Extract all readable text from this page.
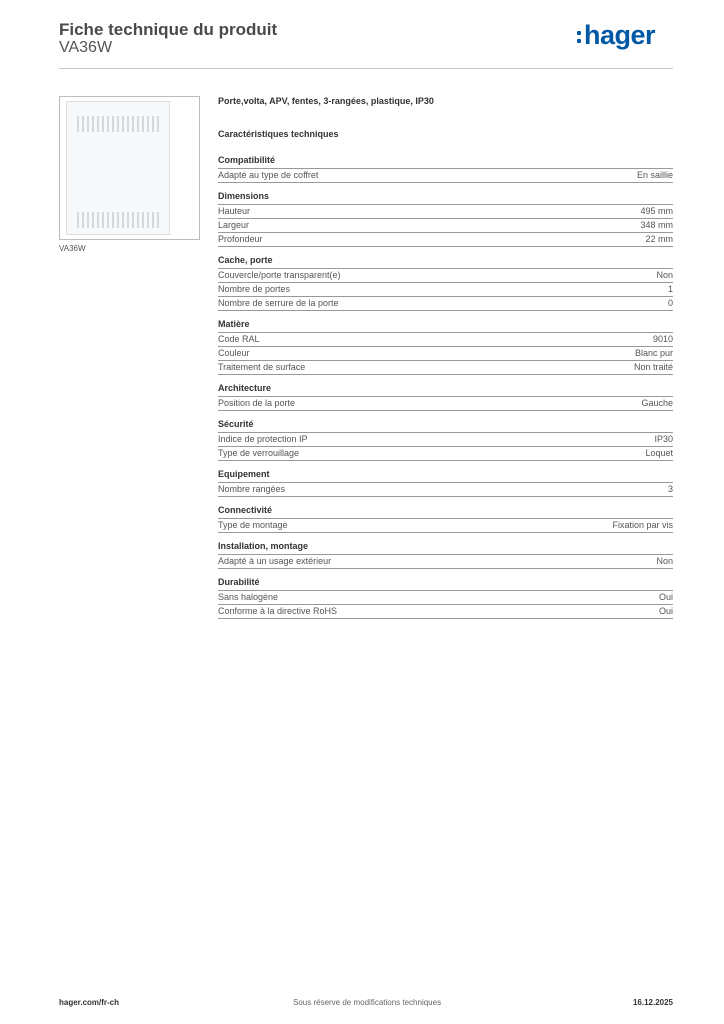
Fiche technique du produit
VA36W	hager
VA36W
Porte,volta, APV, fentes, 3-rangées, plastique, IP30
Caractéristiques techniques
Compatibilité
Adapté au type de coffret	En saillie
Dimensions
Hauteur	495 mm
Largeur	348 mm
Profondeur	22 mm
Cache, porte
Couvercle/porte transparent(e)	Non
Nombre de portes	1
Nombre de serrure de la porte	0
Matière
Code RAL	9010
Couleur	Blanc pur
Traitement de surface	Non traité
Architecture
Position de la porte	Gauche
Sécurité
Indice de protection IP	IP30
Type de verrouillage	Loquet
Equipement
Nombre rangées	3
Connectivité
Type de montage	Fixation par vis
Installation, montage
Adapté à un usage extérieur	Non
Durabilité
Sans halogène	Oui
Conforme à la directive RoHS	Oui
hager.com/fr-ch	Sous réserve de modifications techniques	16.12.2025
